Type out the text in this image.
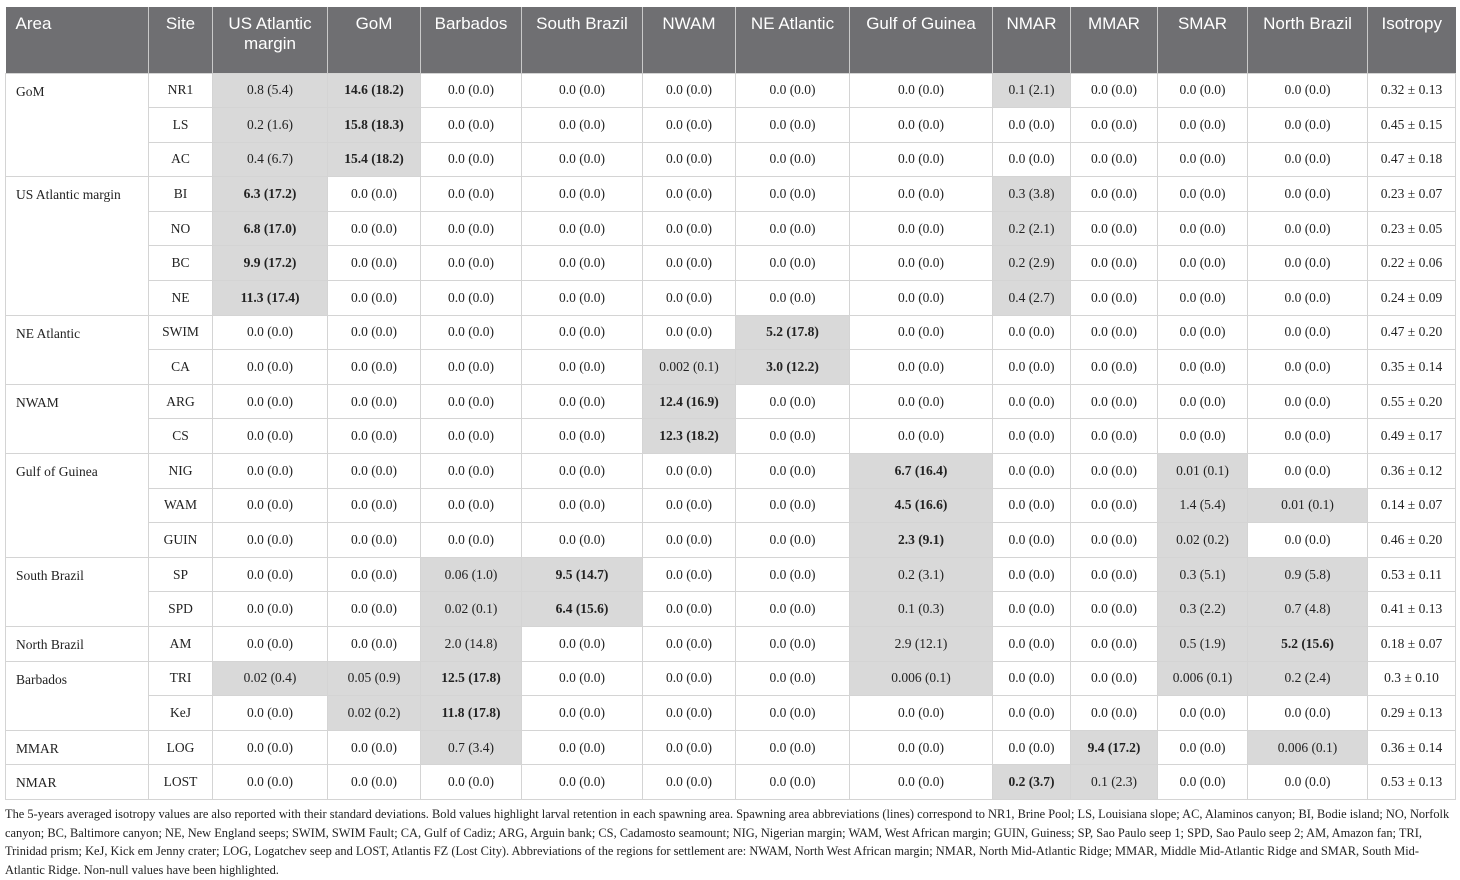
Area	Site	US Atlantic margin	GoM	Barbados	South Brazil	NWAM	NE Atlantic	Gulf of Guinea	NMAR	MMAR	SMAR	North Brazil	Isotropy
GoM	NR1	0.8 (5.4)	14.6 (18.2)	0.0 (0.0)	0.0 (0.0)	0.0 (0.0)	0.0 (0.0)	0.0 (0.0)	0.1 (2.1)	0.0 (0.0)	0.0 (0.0)	0.0 (0.0)	0.32 ± 0.13
	LS	0.2 (1.6)	15.8 (18.3)	0.0 (0.0)	0.0 (0.0)	0.0 (0.0)	0.0 (0.0)	0.0 (0.0)	0.0 (0.0)	0.0 (0.0)	0.0 (0.0)	0.0 (0.0)	0.45 ± 0.15
	AC	0.4 (6.7)	15.4 (18.2)	0.0 (0.0)	0.0 (0.0)	0.0 (0.0)	0.0 (0.0)	0.0 (0.0)	0.0 (0.0)	0.0 (0.0)	0.0 (0.0)	0.0 (0.0)	0.47 ± 0.18
US Atlantic margin	BI	6.3 (17.2)	0.0 (0.0)	0.0 (0.0)	0.0 (0.0)	0.0 (0.0)	0.0 (0.0)	0.0 (0.0)	0.3 (3.8)	0.0 (0.0)	0.0 (0.0)	0.0 (0.0)	0.23 ± 0.07
	NO	6.8 (17.0)	0.0 (0.0)	0.0 (0.0)	0.0 (0.0)	0.0 (0.0)	0.0 (0.0)	0.0 (0.0)	0.2 (2.1)	0.0 (0.0)	0.0 (0.0)	0.0 (0.0)	0.23 ± 0.05
	BC	9.9 (17.2)	0.0 (0.0)	0.0 (0.0)	0.0 (0.0)	0.0 (0.0)	0.0 (0.0)	0.0 (0.0)	0.2 (2.9)	0.0 (0.0)	0.0 (0.0)	0.0 (0.0)	0.22 ± 0.06
	NE	11.3 (17.4)	0.0 (0.0)	0.0 (0.0)	0.0 (0.0)	0.0 (0.0)	0.0 (0.0)	0.0 (0.0)	0.4 (2.7)	0.0 (0.0)	0.0 (0.0)	0.0 (0.0)	0.24 ± 0.09
NE Atlantic	SWIM	0.0 (0.0)	0.0 (0.0)	0.0 (0.0)	0.0 (0.0)	0.0 (0.0)	5.2 (17.8)	0.0 (0.0)	0.0 (0.0)	0.0 (0.0)	0.0 (0.0)	0.0 (0.0)	0.47 ± 0.20
	CA	0.0 (0.0)	0.0 (0.0)	0.0 (0.0)	0.0 (0.0)	0.002 (0.1)	3.0 (12.2)	0.0 (0.0)	0.0 (0.0)	0.0 (0.0)	0.0 (0.0)	0.0 (0.0)	0.35 ± 0.14
NWAM	ARG	0.0 (0.0)	0.0 (0.0)	0.0 (0.0)	0.0 (0.0)	12.4 (16.9)	0.0 (0.0)	0.0 (0.0)	0.0 (0.0)	0.0 (0.0)	0.0 (0.0)	0.0 (0.0)	0.55 ± 0.20
	CS	0.0 (0.0)	0.0 (0.0)	0.0 (0.0)	0.0 (0.0)	12.3 (18.2)	0.0 (0.0)	0.0 (0.0)	0.0 (0.0)	0.0 (0.0)	0.0 (0.0)	0.0 (0.0)	0.49 ± 0.17
Gulf of Guinea	NIG	0.0 (0.0)	0.0 (0.0)	0.0 (0.0)	0.0 (0.0)	0.0 (0.0)	0.0 (0.0)	6.7 (16.4)	0.0 (0.0)	0.0 (0.0)	0.01 (0.1)	0.0 (0.0)	0.36 ± 0.12
	WAM	0.0 (0.0)	0.0 (0.0)	0.0 (0.0)	0.0 (0.0)	0.0 (0.0)	0.0 (0.0)	4.5 (16.6)	0.0 (0.0)	0.0 (0.0)	1.4 (5.4)	0.01 (0.1)	0.14 ± 0.07
	GUIN	0.0 (0.0)	0.0 (0.0)	0.0 (0.0)	0.0 (0.0)	0.0 (0.0)	0.0 (0.0)	2.3 (9.1)	0.0 (0.0)	0.0 (0.0)	0.02 (0.2)	0.0 (0.0)	0.46 ± 0.20
South Brazil	SP	0.0 (0.0)	0.0 (0.0)	0.06 (1.0)	9.5 (14.7)	0.0 (0.0)	0.0 (0.0)	0.2 (3.1)	0.0 (0.0)	0.0 (0.0)	0.3 (5.1)	0.9 (5.8)	0.53 ± 0.11
	SPD	0.0 (0.0)	0.0 (0.0)	0.02 (0.1)	6.4 (15.6)	0.0 (0.0)	0.0 (0.0)	0.1 (0.3)	0.0 (0.0)	0.0 (0.0)	0.3 (2.2)	0.7 (4.8)	0.41 ± 0.13
North Brazil	AM	0.0 (0.0)	0.0 (0.0)	2.0 (14.8)	0.0 (0.0)	0.0 (0.0)	0.0 (0.0)	2.9 (12.1)	0.0 (0.0)	0.0 (0.0)	0.5 (1.9)	5.2 (15.6)	0.18 ± 0.07
Barbados	TRI	0.02 (0.4)	0.05 (0.9)	12.5 (17.8)	0.0 (0.0)	0.0 (0.0)	0.0 (0.0)	0.006 (0.1)	0.0 (0.0)	0.0 (0.0)	0.006 (0.1)	0.2 (2.4)	0.3 ± 0.10
	KeJ	0.0 (0.0)	0.02 (0.2)	11.8 (17.8)	0.0 (0.0)	0.0 (0.0)	0.0 (0.0)	0.0 (0.0)	0.0 (0.0)	0.0 (0.0)	0.0 (0.0)	0.0 (0.0)	0.29 ± 0.13
MMAR	LOG	0.0 (0.0)	0.0 (0.0)	0.7 (3.4)	0.0 (0.0)	0.0 (0.0)	0.0 (0.0)	0.0 (0.0)	0.0 (0.0)	9.4 (17.2)	0.0 (0.0)	0.006 (0.1)	0.36 ± 0.14
NMAR	LOST	0.0 (0.0)	0.0 (0.0)	0.0 (0.0)	0.0 (0.0)	0.0 (0.0)	0.0 (0.0)	0.0 (0.0)	0.2 (3.7)	0.1 (2.3)	0.0 (0.0)	0.0 (0.0)	0.53 ± 0.13
The 5-years averaged isotropy values are also reported with their standard deviations. Bold values highlight larval retention in each spawning area. Spawning area abbreviations (lines) correspond to NR1, Brine Pool; LS, Louisiana slope; AC, Alaminos canyon; BI, Bodie island; NO, Norfolk canyon; BC, Baltimore canyon; NE, New England seeps; SWIM, SWIM Fault; CA, Gulf of Cadiz; ARG, Arguin bank; CS, Cadamosto seamount; NIG, Nigerian margin; WAM, West African margin; GUIN, Guiness; SP, Sao Paulo seep 1; SPD, Sao Paulo seep 2; AM, Amazon fan; TRI, Trinidad prism; KeJ, Kick em Jenny crater; LOG, Logatchev seep and LOST, Atlantis FZ (Lost City). Abbreviations of the regions for settlement are: NWAM, North West African margin; NMAR, North Mid-Atlantic Ridge; MMAR, Middle Mid-Atlantic Ridge and SMAR, South Mid-Atlantic Ridge. Non-null values have been highlighted.
